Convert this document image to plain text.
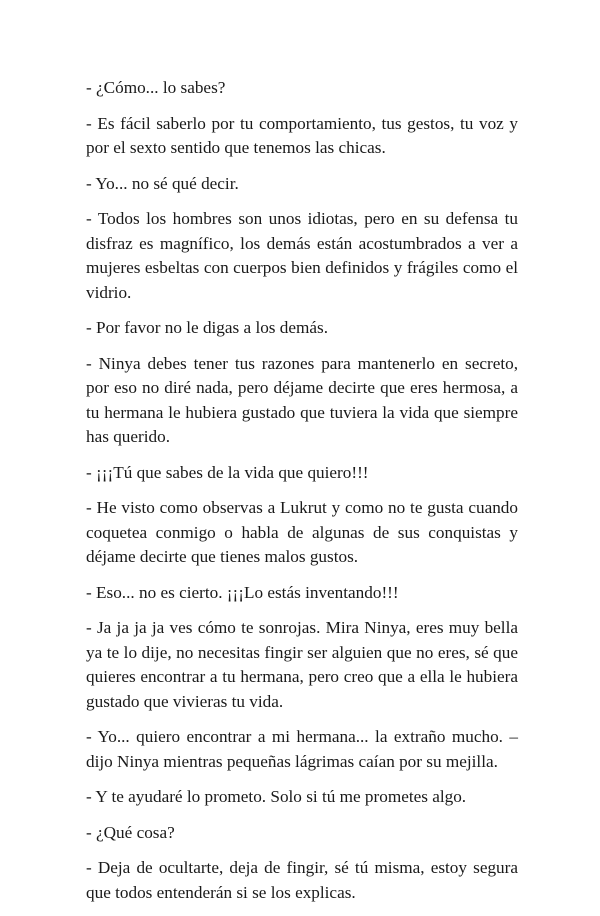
- ¿Cómo... lo sabes?

- Es fácil saberlo por tu comportamiento, tus gestos, tu voz y por el sexto sentido que tenemos las chicas.

- Yo... no sé qué decir.

- Todos los hombres son unos idiotas, pero en su defensa tu disfraz es magnífico, los demás están acostumbrados a ver a mujeres esbeltas con cuerpos bien definidos y frágiles como el vidrio.

- Por favor no le digas a los demás.

- Ninya debes tener tus razones para mantenerlo en secreto, por eso no diré nada, pero déjame decirte que eres hermosa, a tu hermana le hubiera gustado que tuviera la vida que siempre has querido.

- ¡¡¡Tú que sabes de la vida que quiero!!!

- He visto como observas a Lukrut y como no te gusta cuando coquetea conmigo o habla de algunas de sus conquistas y déjame decirte que tienes malos gustos.

- Eso... no es cierto. ¡¡¡Lo estás inventando!!!

- Ja ja ja ja ves cómo te sonrojas. Mira Ninya, eres muy bella ya te lo dije, no necesitas fingir ser alguien que no eres, sé que quieres encontrar a tu hermana, pero creo que a ella le hubiera gustado que vivieras tu vida.

- Yo... quiero encontrar a mi hermana... la extraño mucho. – dijo Ninya mientras pequeñas lágrimas caían por su mejilla.

- Y te ayudaré lo prometo. Solo si tú me prometes algo.

- ¿Qué cosa?

- Deja de ocultarte, deja de fingir, sé tú misma, estoy segura que todos entenderán si se los explicas.
